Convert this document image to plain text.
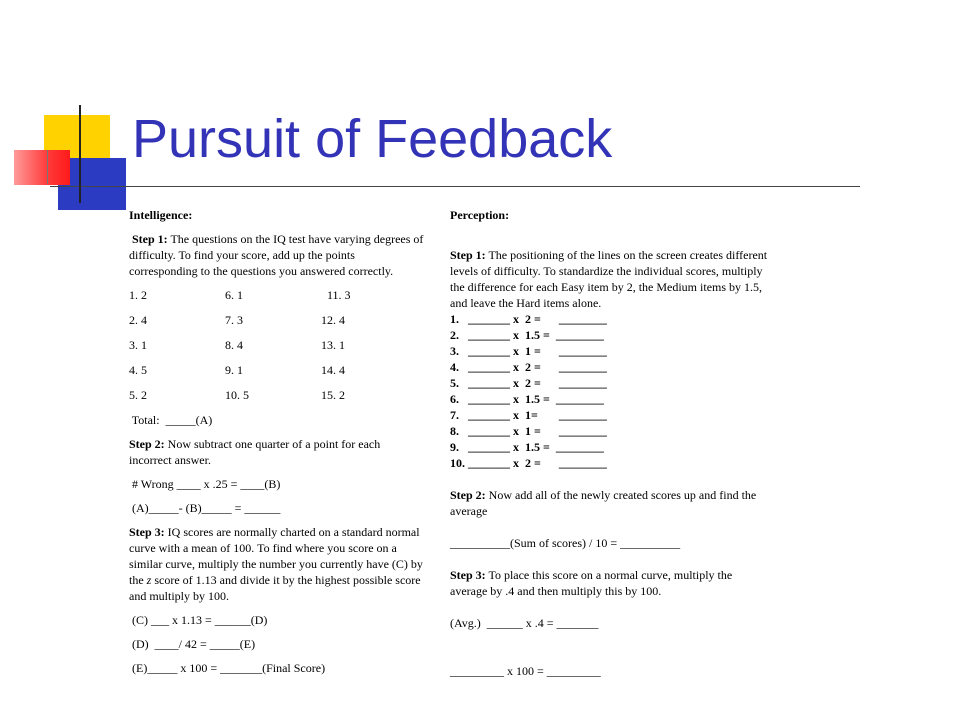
Pursuit of Feedback

Intelligence:

Step 1: The questions on the IQ test have varying degrees of difficulty. To find your score, add up the points corresponding to the questions you answered correctly.

1. 2	6. 1	11. 3
2. 4	7. 3	12. 4
3. 1	8. 4	13. 1
4. 5	9. 1	14. 4
5. 2	10. 5	15. 2

Total:  _____(A)

Step 2: Now subtract one quarter of a point for each incorrect answer.

# Wrong ____ x .25 = ____(B)

(A)_____- (B)_____ = ______

Step 3: IQ scores are normally charted on a standard normal curve with a mean of 100. To find where you score on a similar curve, multiply the number you currently have (C) by the z score of 1.13 and divide it by the highest possible score and multiply by 100.

(C) ___ x 1.13 = ______(D)

(D)  ____/ 42 = _____(E)

(E)_____ x 100 = _______(Final Score)

Perception:

Step 1: The positioning of the lines on the screen creates different levels of difficulty. To standardize the individual scores, multiply the difference for each Easy item by 2, the Medium items by 1.5, and leave the Hard items alone.

1.   _______ x  2 =      ________

2.   _______ x  1.5 =  ________

3.   _______ x  1 =      ________

4.   _______ x  2 =      ________

5.   _______ x  2 =      ________

6.   _______ x  1.5 =  ________

7.   _______ x  1=       ________

8.   _______ x  1 =      ________

9.   _______ x  1.5 =  ________

10. _______ x  2 =      ________

Step 2: Now add all of the newly created scores up and find the average

__________(Sum of scores) / 10 = __________

Step 3: To place this score on a normal curve, multiply the average by .4 and then multiply this by 100.

(Avg.)  ______ x .4 = _______

_________ x 100 = _________
